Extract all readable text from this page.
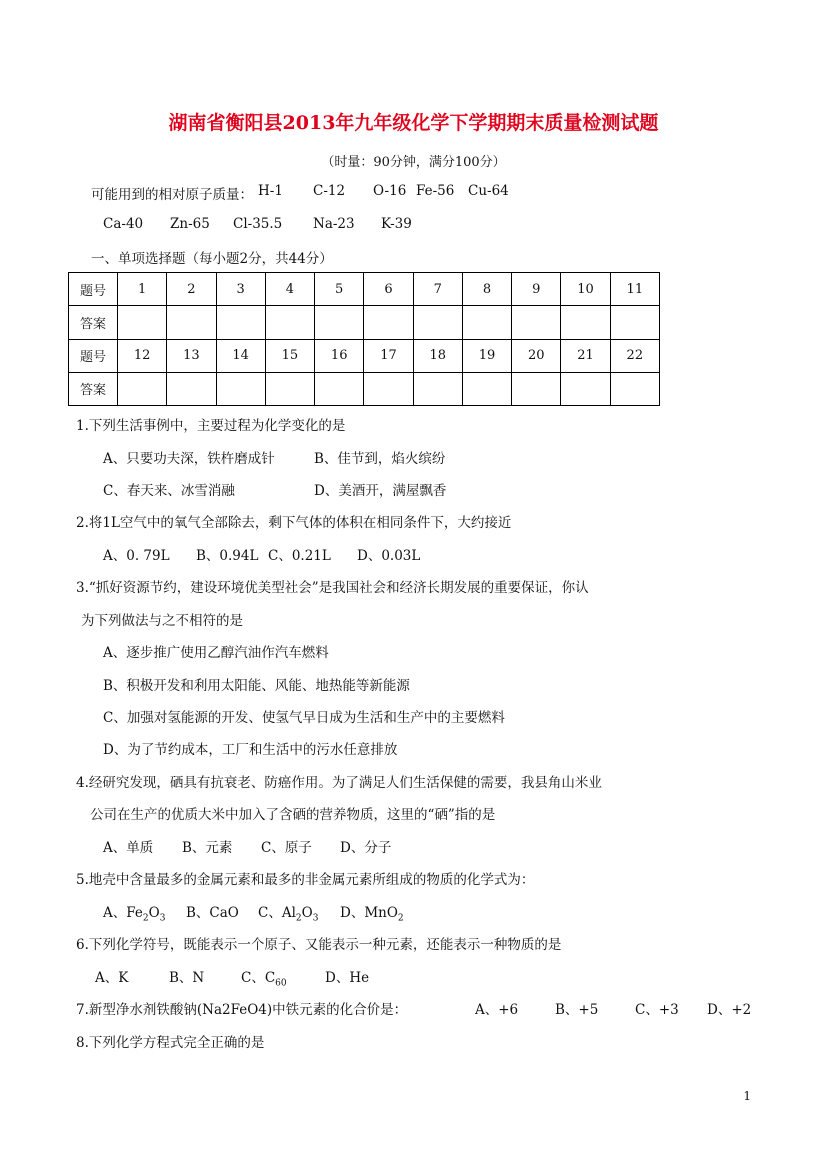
湖南省衡阳县2013年九年级化学下学期期末质量检测试题
（时量：90分钟，满分100分）
可能用到的相对原子质量： H-1 C-12 O-16 Fe-56 Cu-64
Ca-40 Zn-65 Cl-35.5 Na-23 K-39
一、单项选择题（每小题2分，共44分）
题号	1	2	3	4	5	6	7	8	9	10	11
答案											
题号	12	13	14	15	16	17	18	19	20	21	22
答案											
1.下列生活事例中，主要过程为化学变化的是
A、只要功夫深，铁杵磨成针	B、佳节到，焰火缤纷
C、春天来、冰雪消融	D、美酒开，满屋飘香
2.将1L空气中的氧气全部除去，剩下气体的体积在相同条件下，大约接近
A、0. 79L B、0.94L C、0.21L D、0.03L
3.“抓好资源节约，建设环境优美型社会”是我国社会和经济长期发展的重要保证，你认
为下列做法与之不相符的是
A、逐步推广使用乙醇汽油作汽车燃料
B、积极开发和利用太阳能、风能、地热能等新能源
C、加强对氢能源的开发、使氢气早日成为生活和生产中的主要燃料
D、为了节约成本，工厂和生活中的污水任意排放
4.经研究发现，硒具有抗衰老、防癌作用。为了满足人们生活保健的需要，我县角山米业
公司在生产的优质大米中加入了含硒的营养物质，这里的“硒”指的是
A、单质 B、元素 C、原子 D、分子
5.地壳中含量最多的金属元素和最多的非金属元素所组成的物质的化学式为：
A、$Fe_2O_3$ B、CaO C、$Al_2O_3$ D、MnO$_2$
6.下列化学符号，既能表示一个原子、又能表示一种元素，还能表示一种物质的是
A、K	B、N	C、$C_{60}$	D、He
7.新型净水剂铁酸钠(Na2FeO4)中铁元素的化合价是：	A、+6	B、+5	C、+3 D、+2
8.下列化学方程式完全正确的是
1
